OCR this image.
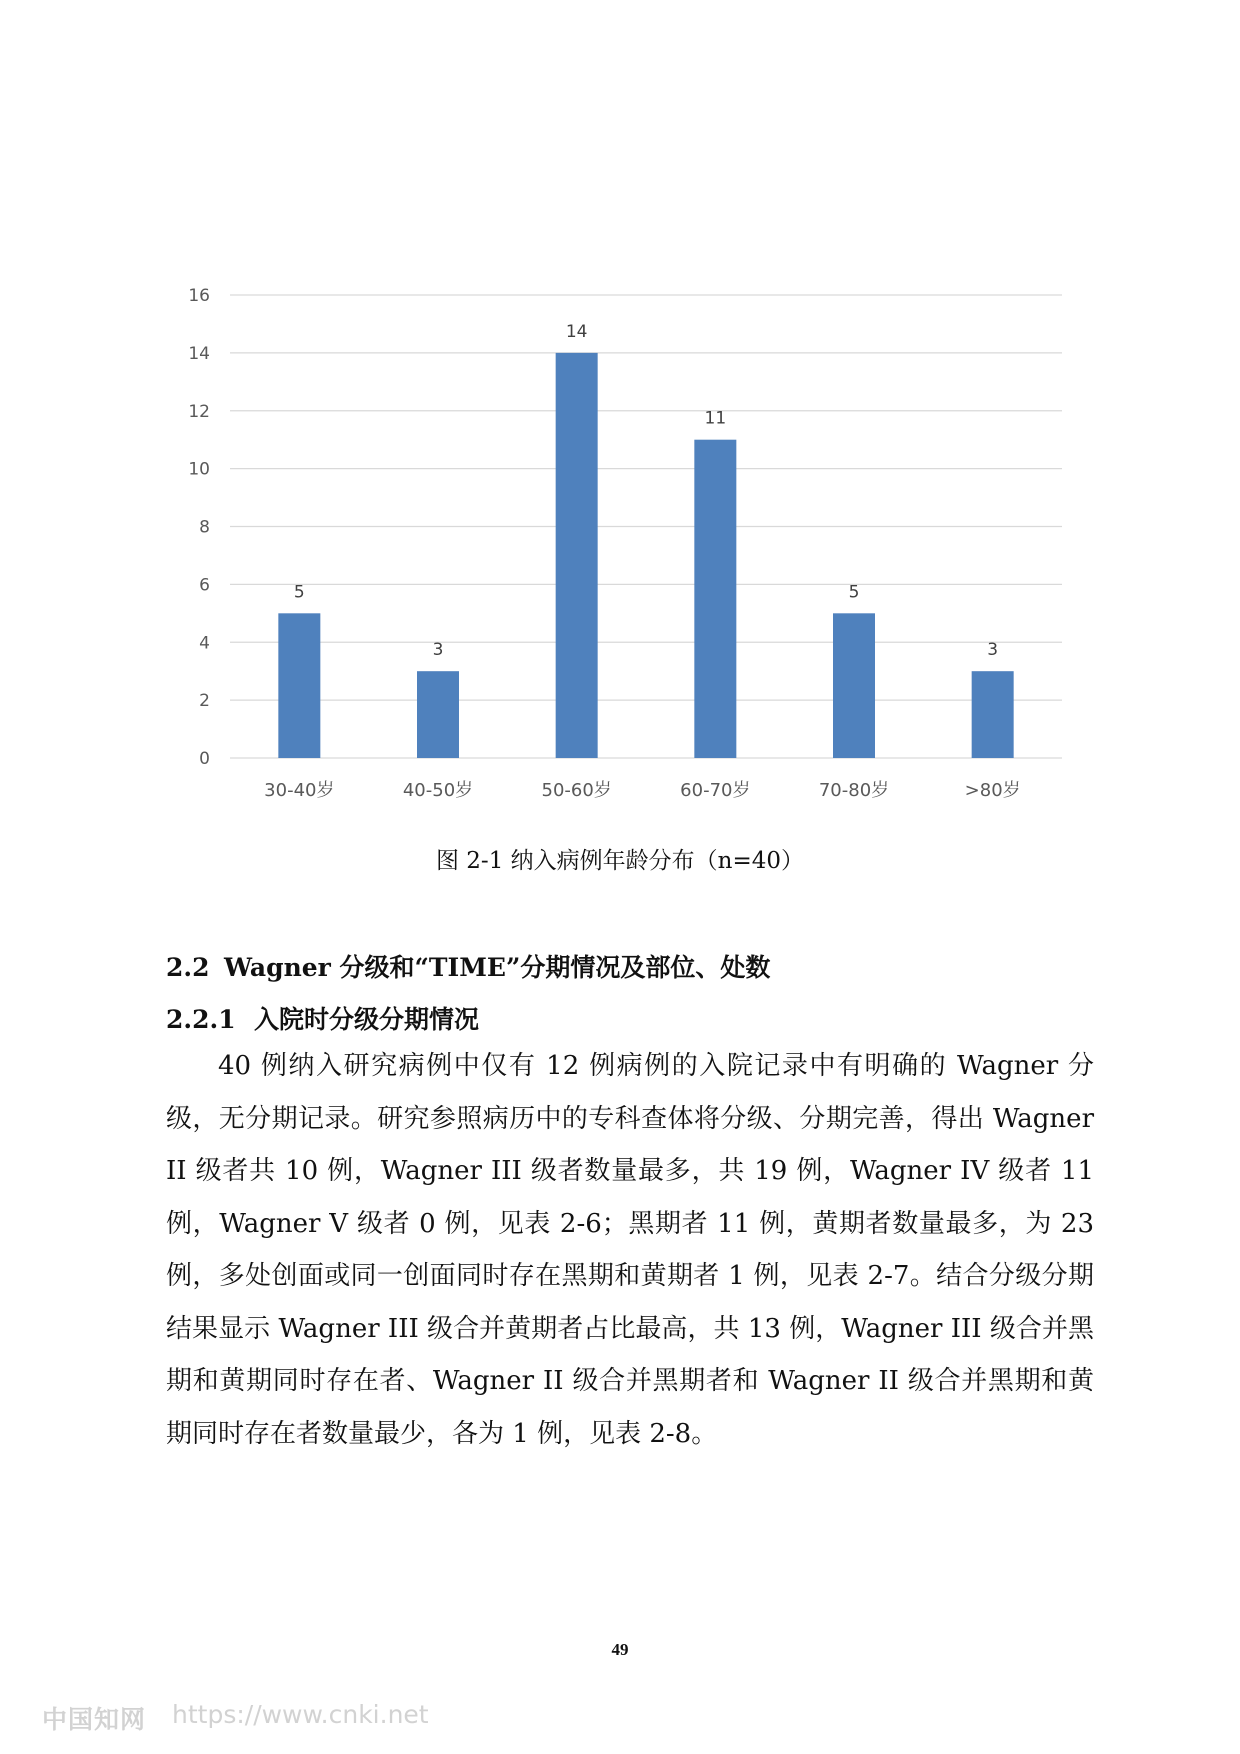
0
2
4
6
8
10
12
14
16
5
3
14
11
5
3
30-40岁	40-50岁	50-60岁	60-70岁	70-80岁	>80岁
图 2-1 纳入病例年龄分布（n=40）
2.2 Wagner 分级和“TIME”分期情况及部位、处数
2.2.1 入院时分级分期情况

40 例纳入研究病例中仅有 12 例病例的入院记录中有明确的 Wagner 分级，无分期记录。研究参照病历中的专科查体将分级、分期完善，得出 Wagner II 级者共 10 例，Wagner III 级者数量最多，共 19 例，Wagner IV 级者 11 例，Wagner V 级者 0 例，见表 2-6；黑期者 11 例，黄期者数量最多，为 23 例，多处创面或同一创面同时存在黑期和黄期者 1 例，见表 2-7。结合分级分期结果显示 Wagner III 级合并黄期者占比最高，共 13 例，Wagner III 级合并黑期和黄期同时存在者、Wagner II 级合并黑期者和 Wagner II 级合并黑期和黄期同时存在者数量最少，各为 1 例，见表 2-8。

49
中国知网 https://www.cnki.net
